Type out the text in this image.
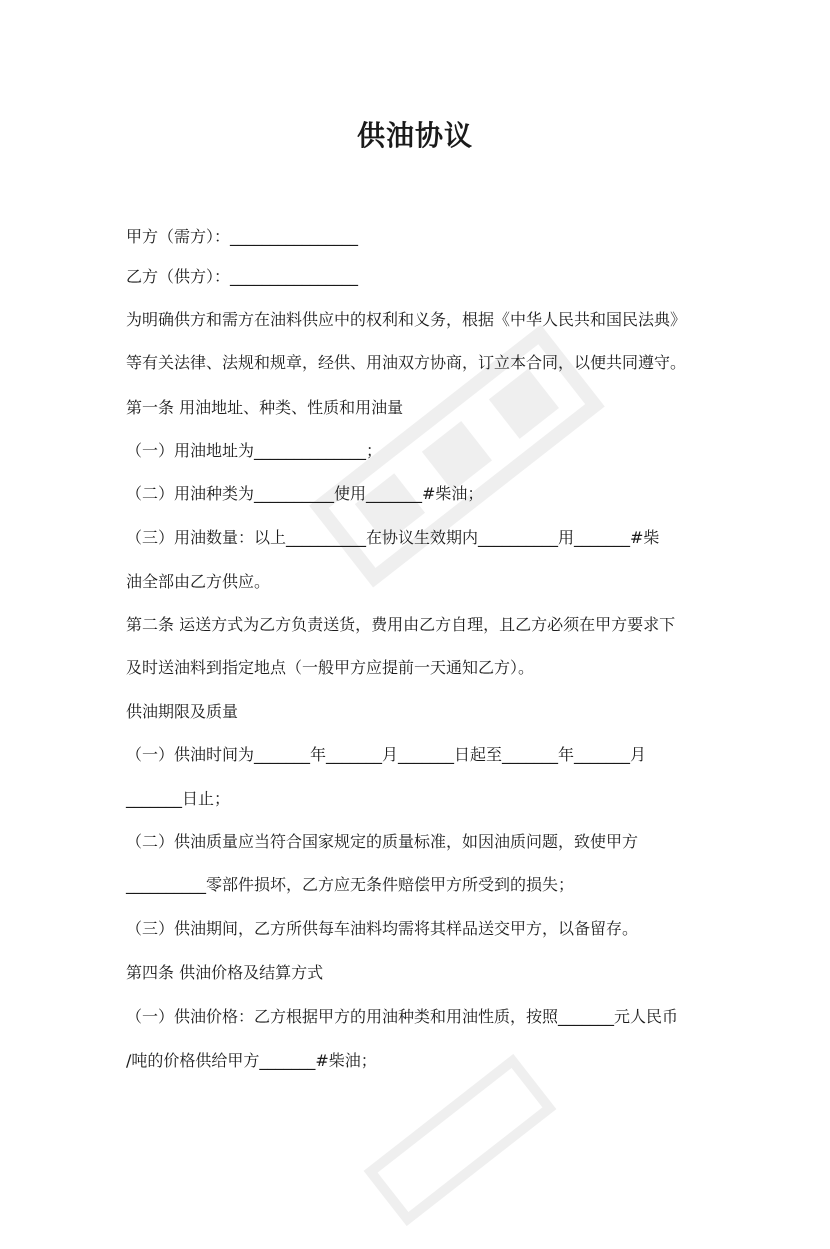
供油协议
甲方（需方）：________________
乙方（供方）：________________
为明确供方和需方在油料供应中的权利和义务，根据《中华人民共和国民法典》
等有关法律、法规和规章，经供、用油双方协商，订立本合同，以便共同遵守。
第一条 用油地址、种类、性质和用油量
（一）用油地址为______________；
（二）用油种类为__________使用_______#柴油；
（三）用油数量：以上__________在协议生效期内__________用_______#柴
油全部由乙方供应。
第二条 运送方式为乙方负责送货，费用由乙方自理，且乙方必须在甲方要求下
及时送油料到指定地点（一般甲方应提前一天通知乙方）。
供油期限及质量
（一）供油时间为_______年_______月_______日起至_______年_______月
_______日止；
（二）供油质量应当符合国家规定的质量标准，如因油质问题，致使甲方
__________零部件损坏，乙方应无条件赔偿甲方所受到的损失；
（三）供油期间，乙方所供每车油料均需将其样品送交甲方，以备留存。
第四条 供油价格及结算方式
（一）供油价格：乙方根据甲方的用油种类和用油性质，按照_______元人民币
/吨的价格供给甲方_______#柴油；
